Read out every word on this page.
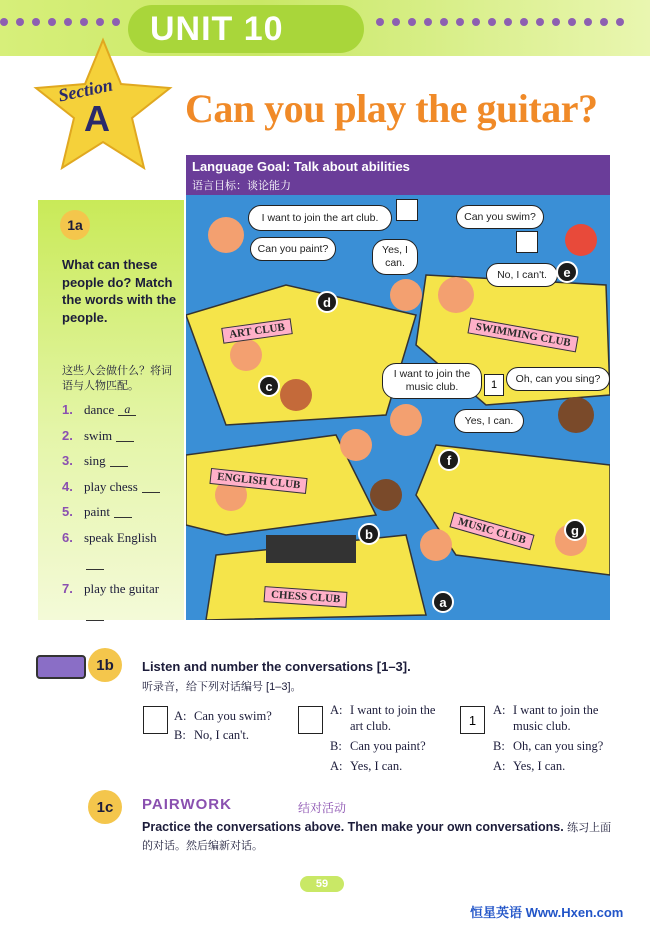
UNIT 10
Section
A Can you play the guitar?
Language Goal: Talk about abilities
语言目标：谈论能力
1a
What can these people do? Match the words with the people.
这些人会做什么？将词语与人物匹配。
1. dance a
2. swim
3. sing
4. play chess
5. paint
6. speak English
7. play the guitar
I want to join the art club.	Can you swim?
Can you paint?	Yes, I can.
No, I can't.
I want to join the music club.	1
Oh, can you sing?
Yes, I can.
ART CLUB	SWIMMING CLUB
ENGLISH CLUB
MUSIC CLUB
CHESS CLUB	a
b
c
d
e
f
g
1b	Listen and number the conversations [1–3].
听录音，给下列对话编号 [1–3]。
A: Can you swim?
B: No, I can't.
A: I want to join the
art club.
B: Can you paint?
A: Yes, I can.
1
A: I want to join the
music club.
B: Oh, can you sing?
A: Yes, I can.
1c	PAIRWORK	结对活动
Practice the conversations above. Then make your own conversations. 练习上面的对话。然后编新对话。
59
恒星英语 Www.Hxen.com
